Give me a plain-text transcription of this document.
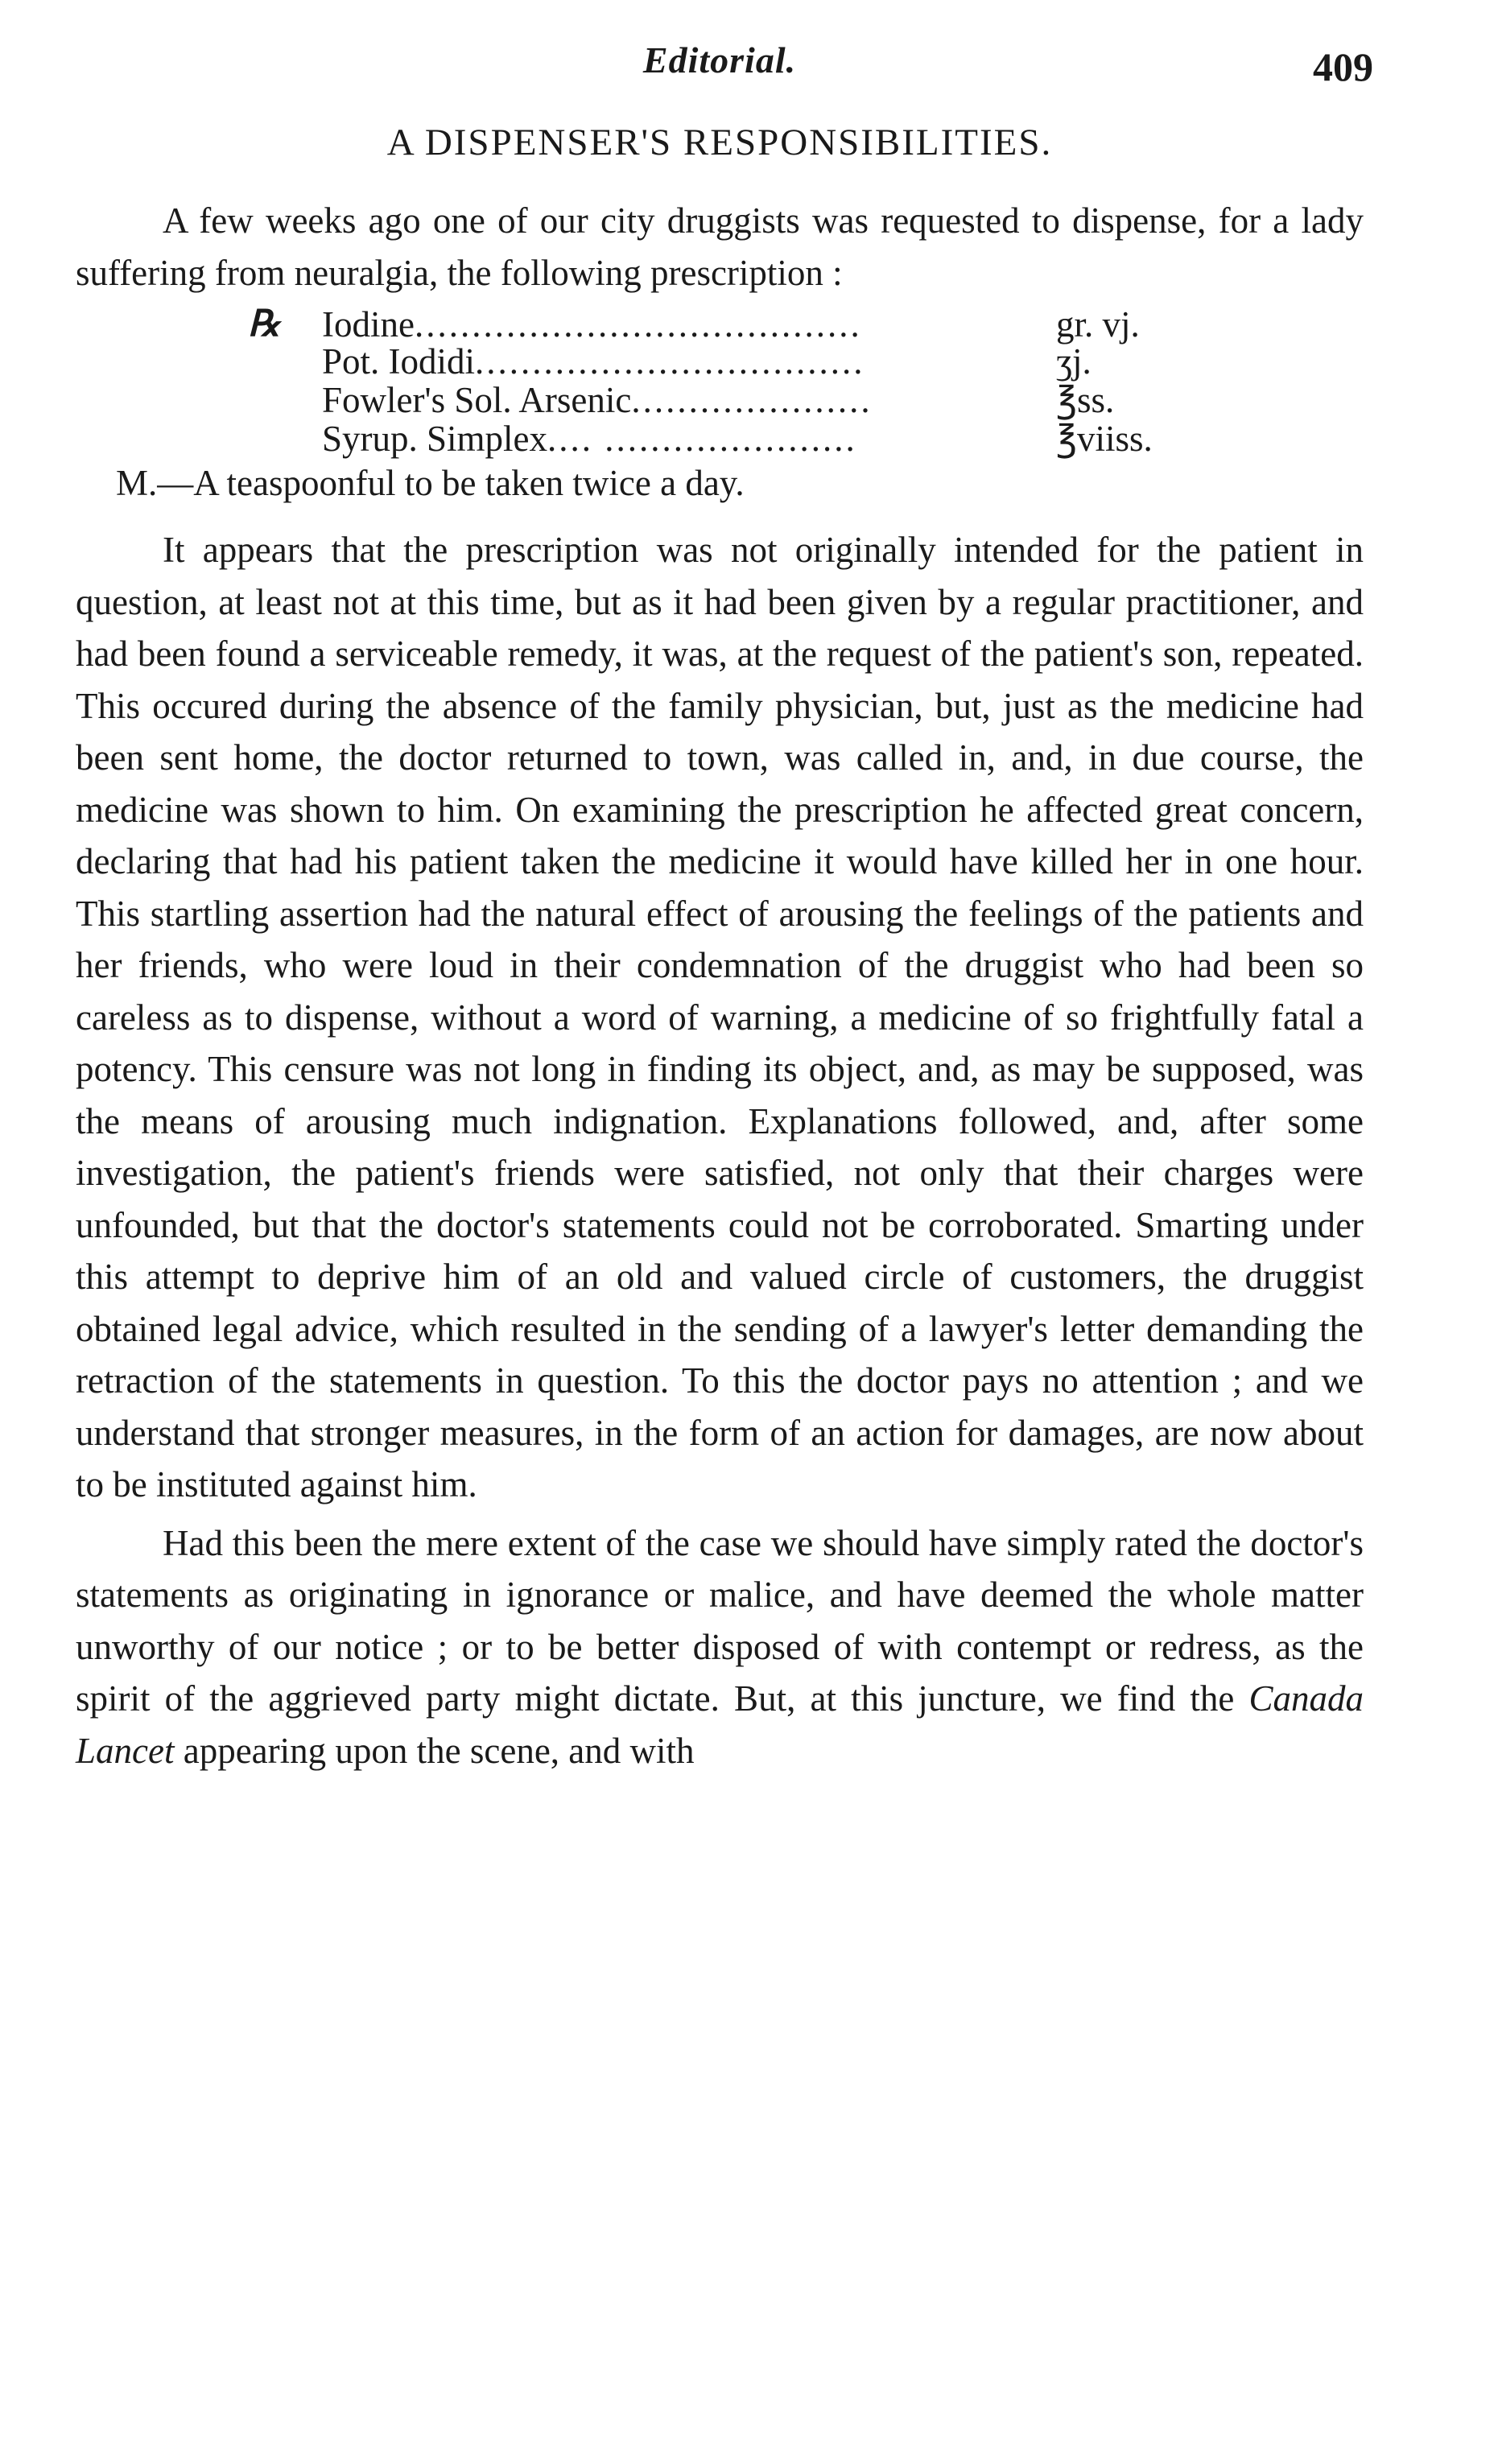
Editorial.	409
A DISPENSER'S RESPONSIBILITIES.

A few weeks ago one of our city druggists was requested to dispense, for a lady suffering from neuralgia, the following prescription :

℞ Iodine.......................................	gr. vj.
Pot. Iodidi..................................	ʒj.
Fowler's Sol. Arsenic.....................	℥ss.
Syrup. Simplex.... ......................	℥viiss.
M.—A teaspoonful to be taken twice a day.

It appears that the prescription was not originally intended for the patient in question, at least not at this time, but as it had been given by a regular practitioner, and had been found a serviceable remedy, it was, at the request of the patient's son, repeated. This occured during the absence of the family physician, but, just as the medicine had been sent home, the doctor returned to town, was called in, and, in due course, the medicine was shown to him. On examining the prescription he affected great concern, declaring that had his patient taken the medicine it would have killed her in one hour. This startling assertion had the natural effect of arousing the feelings of the patients and her friends, who were loud in their condemnation of the druggist who had been so careless as to dispense, without a word of warning, a medicine of so frightfully fatal a potency. This censure was not long in finding its object, and, as may be supposed, was the means of arousing much indignation. Explanations followed, and, after some investigation, the patient's friends were satisfied, not only that their charges were unfounded, but that the doctor's statements could not be corroborated. Smarting under this attempt to deprive him of an old and valued circle of customers, the druggist obtained legal advice, which resulted in the sending of a lawyer's letter demanding the retraction of the statements in question. To this the doctor pays no attention ; and we understand that stronger measures, in the form of an action for damages, are now about to be instituted against him.

Had this been the mere extent of the case we should have simply rated the doctor's statements as originating in ignorance or malice, and have deemed the whole matter unworthy of our notice ; or to be better disposed of with contempt or redress, as the spirit of the aggrieved party might dictate. But, at this juncture, we find the Canada Lancet appearing upon the scene, and with
